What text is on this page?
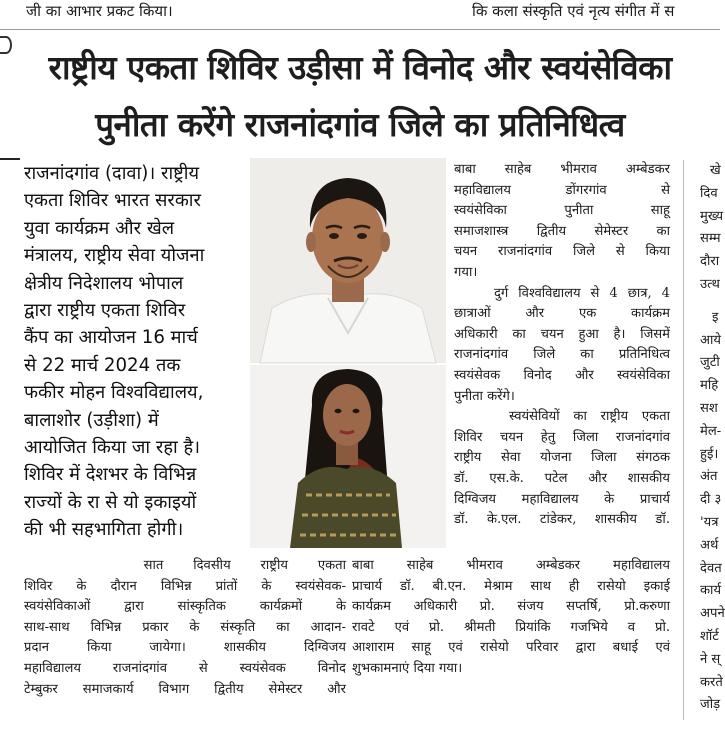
जी का आभार प्रकट किया।	कि कला संस्कृति एवं नृत्य संगीत में स
राष्ट्रीय एकता शिविर उड़ीसा में विनोद और स्वयंसेविका
पुनीता करेंगे राजनांदगांव जिले का प्रतिनिधित्व
राजनांदगांव (दावा)। राष्ट्रीय
एकता शिविर भारत सरकार
युवा कार्यक्रम और खेल
मंत्रालय, राष्ट्रीय सेवा योजना
क्षेत्रीय निदेशालय भोपाल
द्वारा राष्ट्रीय एकता शिविर
कैंप का आयोजन 16 मार्च
से 22 मार्च 2024 तक
फकीर मोहन विश्वविद्यालय,
बालाशोर (उड़ीशा) में
आयोजित किया जा रहा है।
शिविर में देशभर के विभिन्न
राज्यों के रा से यो इकाइयों
की भी सहभागिता होगी।
सात दिवसीय राष्ट्रीय एकता
शिविर के दौरान विभिन्न प्रांतों के स्वयंसेवक-
स्वयंसेविकाओं द्वारा सांस्कृतिक कार्यक्रमों के
साथ-साथ विभिन्न प्रकार के संस्कृति का आदान-
प्रदान किया जायेगा। शासकीय दिग्विजय
महाविद्यालय राजनांदगांव से स्वयंसेवक विनोद
टेम्बुकर समाजकार्य विभाग द्वितीय सेमेस्टर और
बाबा साहेब भीमराव अम्बेडकर
महाविद्यालय डोंगरगांव से
स्वयंसेविका पुनीता साहू
समाजशास्त्र द्वितीय सेमेस्टर का
चयन राजनांदगांव जिले से किया
गया।
दुर्ग विश्वविद्यालय से 4 छात्र, 4
छात्राओं और एक कार्यक्रम
अधिकारी का चयन हुआ है। जिसमें
राजनांदगांव जिले का प्रतिनिधित्व
स्वयंसेवक विनोद और स्वयंसेविका
पुनीता करेंगे।
स्वयंसेवियों का राष्ट्रीय एकता
शिविर चयन हेतु जिला राजनांदगांव
राष्ट्रीय सेवा योजना जिला संगठक
डॉ. एस.के. पटेल और शासकीय
दिग्विजय महाविद्यालय के प्राचार्य
डॉ. के.एल. टांडेकर, शासकीय डॉ.
बाबा साहेब भीमराव अम्बेडकर महाविद्यालय
प्राचार्य डॉ. बी.एन. मेश्राम साथ ही रासेयो इकाई
कार्यक्रम अधिकारी प्रो. संजय सप्तर्षि, प्रो.करुणा
रावटे एवं प्रो. श्रीमती प्रियांकि गजभिये व प्रो.
आशाराम साहू एवं रासेयो परिवार द्वारा बधाई एवं
शुभकामनाएं दिया गया।
खे
दिव
मुख्य
सम्म
दौरा
उत्थ
इ
आये
जुटी
महि
सश
मेल-
हुई।
अंत
दी ३
'यत्र
अर्थ
देवत
कार्य
अपने
शॉर्ट
ने स्
करते
जोड़
